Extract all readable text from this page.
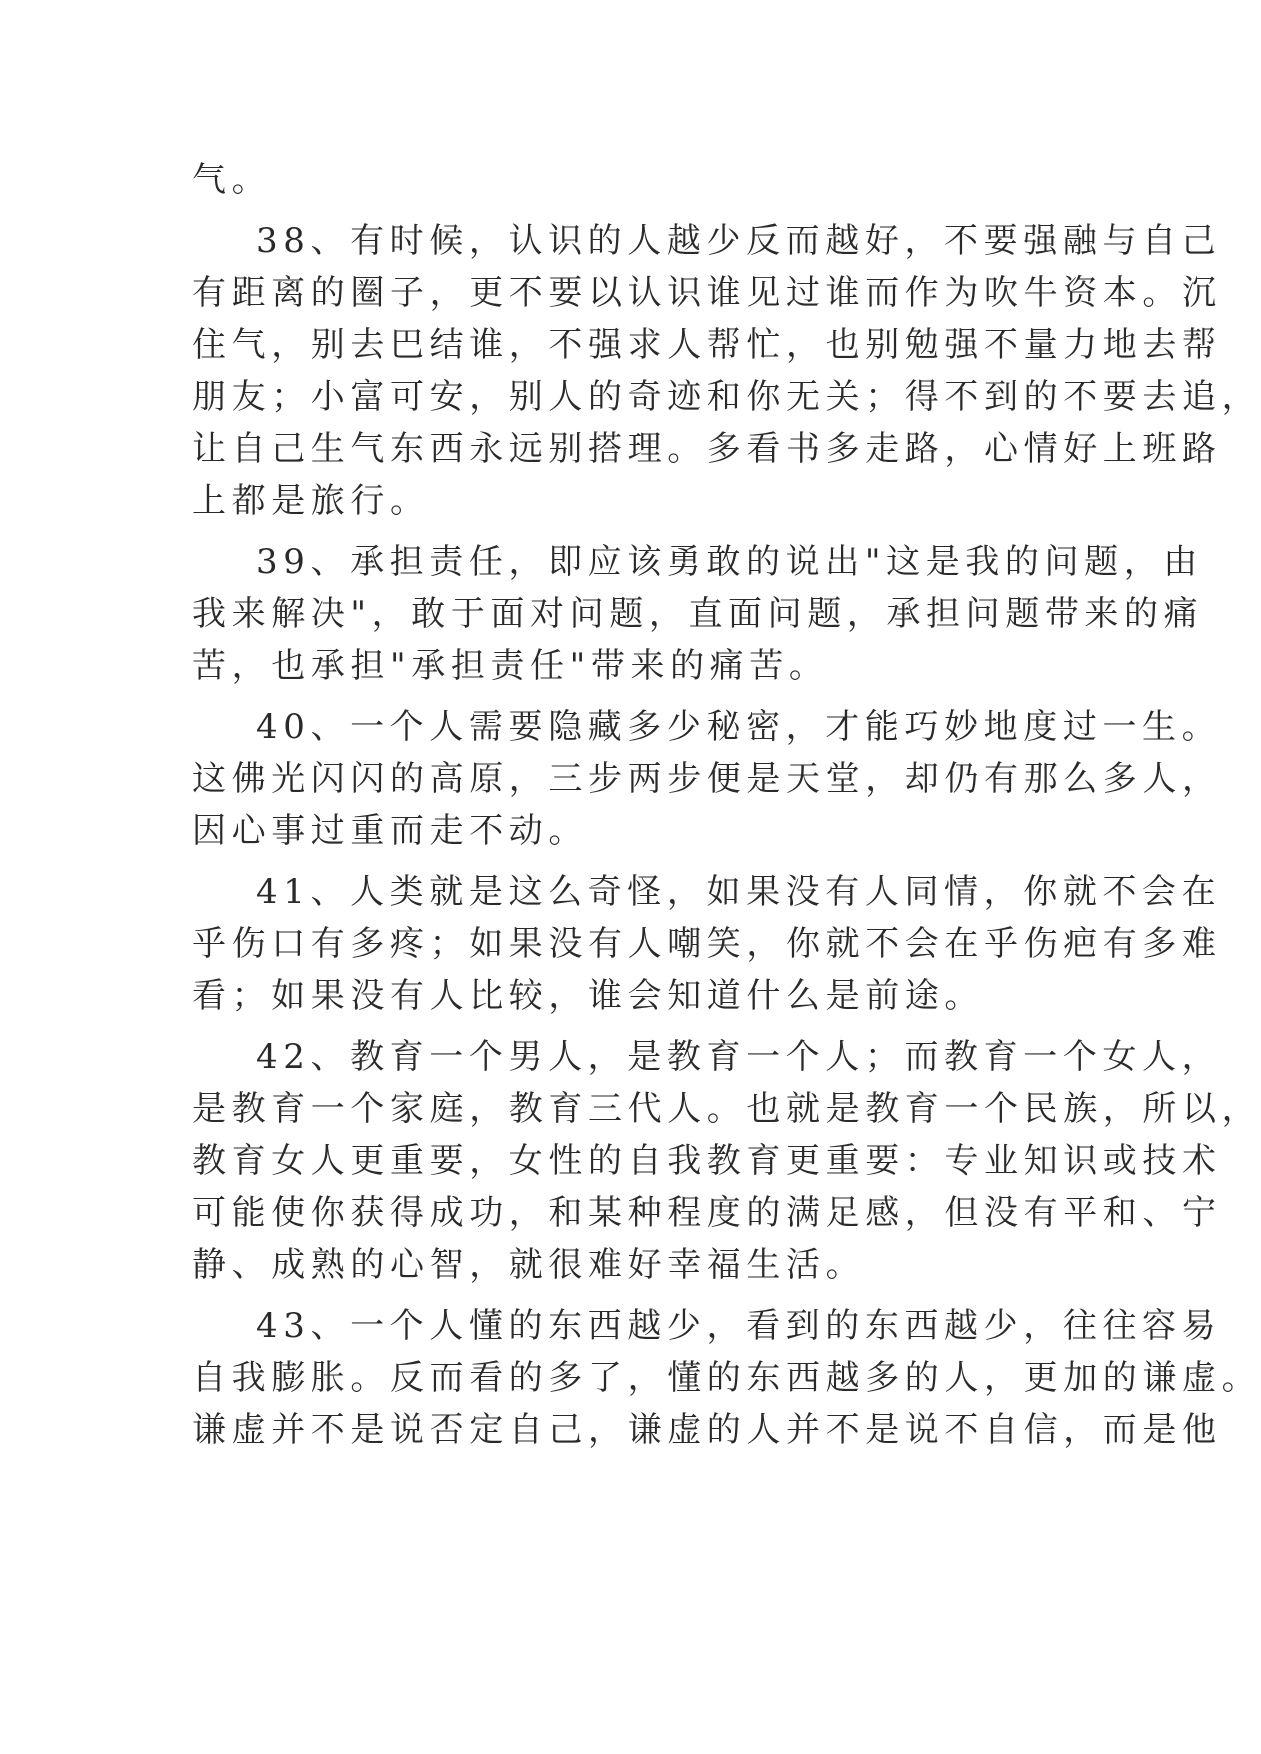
气。
38、有时候，认识的人越少反而越好，不要强融与自己
有距离的圈子，更不要以认识谁见过谁而作为吹牛资本。沉
住气，别去巴结谁，不强求人帮忙，也别勉强不量力地去帮
朋友；小富可安，别人的奇迹和你无关；得不到的不要去追，
让自己生气东西永远别搭理。多看书多走路，心情好上班路
上都是旅行。
39、承担责任，即应该勇敢的说出"这是我的问题，由
我来解决"，敢于面对问题，直面问题，承担问题带来的痛
苦，也承担"承担责任"带来的痛苦。
40、一个人需要隐藏多少秘密，才能巧妙地度过一生。
这佛光闪闪的高原，三步两步便是天堂，却仍有那么多人，
因心事过重而走不动。
41、人类就是这么奇怪，如果没有人同情，你就不会在
乎伤口有多疼；如果没有人嘲笑，你就不会在乎伤疤有多难
看；如果没有人比较，谁会知道什么是前途。
42、教育一个男人，是教育一个人；而教育一个女人，
是教育一个家庭，教育三代人。也就是教育一个民族，所以，
教育女人更重要，女性的自我教育更重要：专业知识或技术
可能使你获得成功，和某种程度的满足感，但没有平和、宁
静、成熟的心智，就很难好幸福生活。
43、一个人懂的东西越少，看到的东西越少，往往容易
自我膨胀。反而看的多了，懂的东西越多的人，更加的谦虚。
谦虚并不是说否定自己，谦虚的人并不是说不自信，而是他
